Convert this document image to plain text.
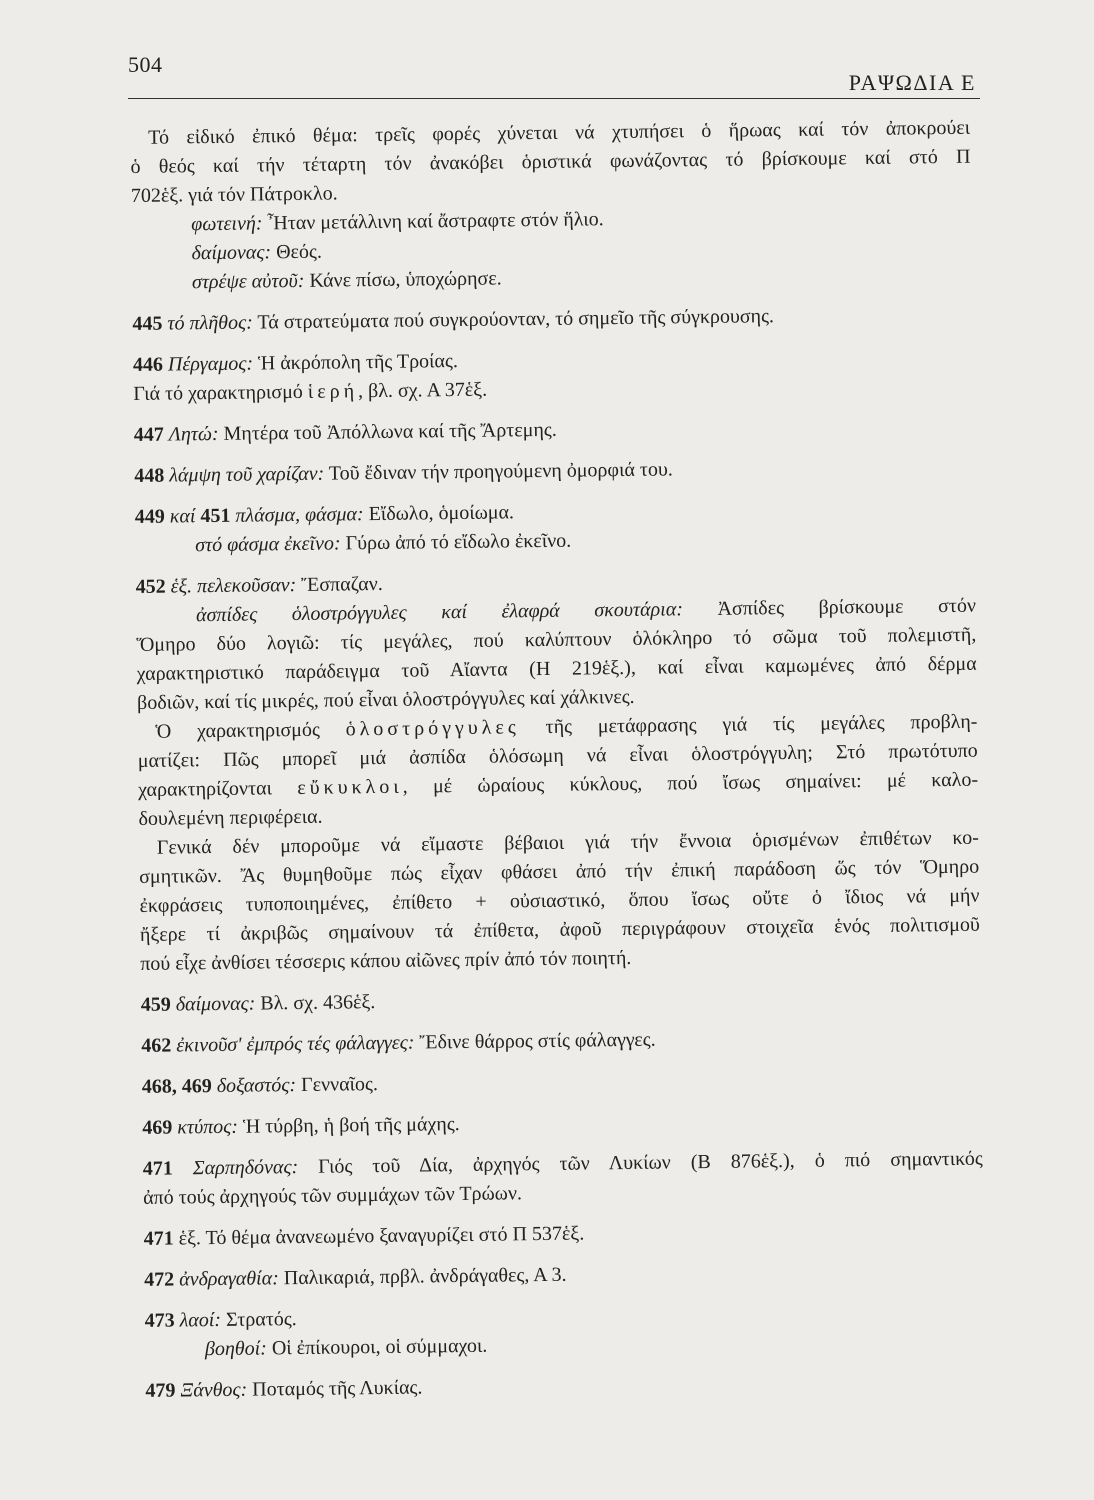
504
ΡΑΨΩΔΙΑ Ε
Τό εἰδικό ἐπικό θέμα: τρεῖς φορές χύνεται νά χτυπήσει ὁ ἥρωας καί τόν ἀποκρούει
ὁ θεός καί τήν τέταρτη τόν ἀνακόβει ὁριστικά φωνάζοντας τό βρίσκουμε καί στό Π
702ἑξ. γιά τόν Πάτροκλο.
φωτεινή: Ἦταν μετάλλινη καί ἄστραφτε στόν ἥλιο.
δαίμονας: Θεός.
στρέψε αὐτοῦ: Κάνε πίσω, ὑποχώρησε.
445 τό πλῆθος: Τά στρατεύματα πού συγκρούονταν, τό σημεῖο τῆς σύγκρουσης.
446 Πέργαμος: Ἡ ἀκρόπολη τῆς Τροίας.
Γιά τό χαρακτηρισμό ἱερή, βλ. σχ. Α 37ἑξ.
447 Λητώ: Μητέρα τοῦ Ἀπόλλωνα καί τῆς Ἄρτεμης.
448 λάμψη τοῦ χαρίζαν: Τοῦ ἔδιναν τήν προηγούμενη ὀμορφιά του.
449 καί 451 πλάσμα, φάσμα: Εἴδωλο, ὁμοίωμα.
στό φάσμα ἐκεῖνο: Γύρω ἀπό τό εἴδωλο ἐκεῖνο.
452 ἑξ. πελεκοῦσαν: Ἔσπαζαν.
ἀσπίδες ὁλοστρόγγυλες καί ἐλαφρά σκουτάρια: Ἀσπίδες βρίσκουμε στόν
Ὅμηρο δύο λογιῶ: τίς μεγάλες, πού καλύπτουν ὁλόκληρο τό σῶμα τοῦ πολεμιστῆ,
χαρακτηριστικό παράδειγμα τοῦ Αἴαντα (Η 219ἑξ.), καί εἶναι καμωμένες ἀπό δέρμα
βοδιῶν, καί τίς μικρές, πού εἶναι ὁλοστρόγγυλες καί χάλκινες.
Ὁ χαρακτηρισμός ὁλοστρόγγυλες τῆς μετάφρασης γιά τίς μεγάλες προβλη-
ματίζει: Πῶς μπορεῖ μιά ἀσπίδα ὁλόσωμη νά εἶναι ὁλοστρόγγυλη; Στό πρωτότυπο
χαρακτηρίζονται εὔκυκλοι, μέ ὡραίους κύκλους, πού ἴσως σημαίνει: μέ καλο-
δουλεμένη περιφέρεια.
Γενικά δέν μποροῦμε νά εἴμαστε βέβαιοι γιά τήν ἔννοια ὁρισμένων ἐπιθέτων κο-
σμητικῶν. Ἄς θυμηθοῦμε πώς εἶχαν φθάσει ἀπό τήν ἐπική παράδοση ὥς τόν Ὅμηρο
ἐκφράσεις τυποποιημένες, ἐπίθετο + οὐσιαστικό, ὅπου ἴσως οὔτε ὁ ἴδιος νά μήν
ἤξερε τί ἀκριβῶς σημαίνουν τά ἐπίθετα, ἀφοῦ περιγράφουν στοιχεῖα ἑνός πολιτισμοῦ
πού εἶχε ἀνθίσει τέσσερις κάπου αἰῶνες πρίν ἀπό τόν ποιητή.
459 δαίμονας: Βλ. σχ. 436ἑξ.
462 ἐκινοῦσ' ἐμπρός τές φάλαγγες: Ἔδινε θάρρος στίς φάλαγγες.
468, 469 δοξαστός: Γενναῖος.
469 κτύπος: Ἡ τύρβη, ἡ βοή τῆς μάχης.
471 Σαρπηδόνας: Γιός τοῦ Δία, ἀρχηγός τῶν Λυκίων (Β 876ἑξ.), ὁ πιό σημαντικός
ἀπό τούς ἀρχηγούς τῶν συμμάχων τῶν Τρώων.
471 ἑξ. Τό θέμα ἀνανεωμένο ξαναγυρίζει στό Π 537ἑξ.
472 ἀνδραγαθία: Παλικαριά, πρβλ. ἀνδράγαθες, Α 3.
473 λαοί: Στρατός.
βοηθοί: Οἱ ἐπίκουροι, οἱ σύμμαχοι.
479 Ξάνθος: Ποταμός τῆς Λυκίας.
